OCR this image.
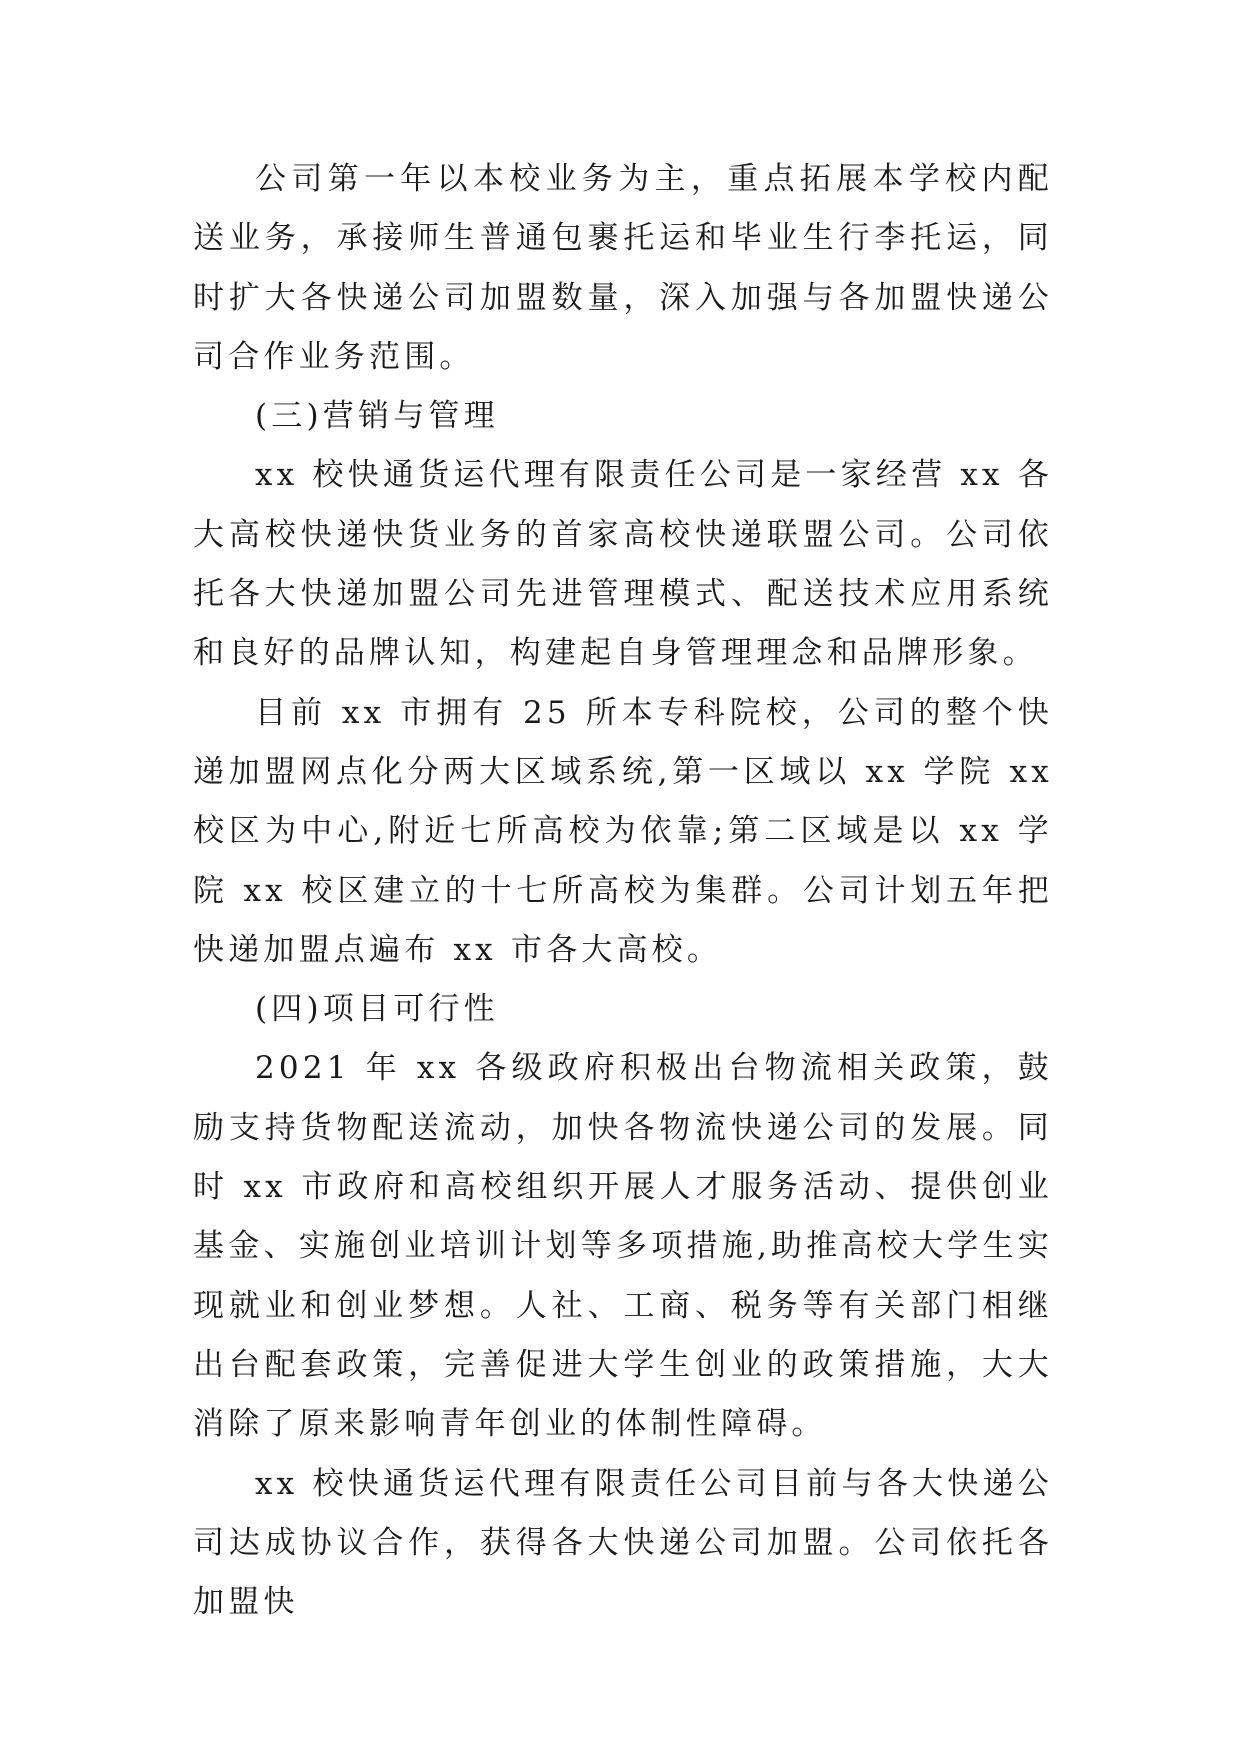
公司第一年以本校业务为主，重点拓展本学校内配送业务，承接师生普通包裹托运和毕业生行李托运，同时扩大各快递公司加盟数量，深入加强与各加盟快递公司合作业务范围。

(三)营销与管理

xx 校快通货运代理有限责任公司是一家经营 xx 各大高校快递快货业务的首家高校快递联盟公司。公司依托各大快递加盟公司先进管理模式、配送技术应用系统和良好的品牌认知，构建起自身管理理念和品牌形象。

目前 xx 市拥有 25 所本专科院校，公司的整个快递加盟网点化分两大区域系统,第一区域以 xx 学院 xx 校区为中心,附近七所高校为依靠;第二区域是以 xx 学院 xx 校区建立的十七所高校为集群。公司计划五年把快递加盟点遍布 xx 市各大高校。

(四)项目可行性

2021 年 xx 各级政府积极出台物流相关政策，鼓励支持货物配送流动，加快各物流快递公司的发展。同时 xx 市政府和高校组织开展人才服务活动、提供创业基金、实施创业培训计划等多项措施,助推高校大学生实现就业和创业梦想。人社、工商、税务等有关部门相继出台配套政策，完善促进大学生创业的政策措施，大大消除了原来影响青年创业的体制性障碍。

xx 校快通货运代理有限责任公司目前与各大快递公司达成协议合作，获得各大快递公司加盟。公司依托各加盟快
